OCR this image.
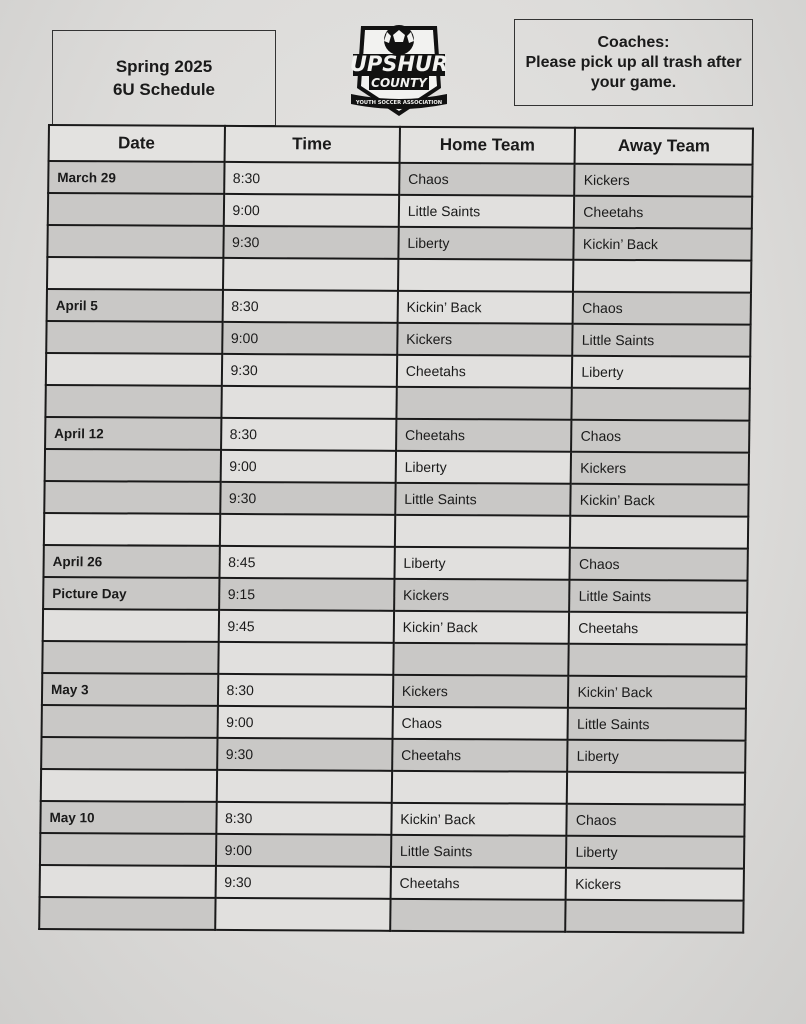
Spring 2025
6U Schedule
UPSHUR
COUNTY
YOUTH SOCCER ASSOCIATION
Coaches:
Please pick up all trash after
your game.
Date	Time	Home Team	Away Team
March 29	8:30	Chaos	Kickers
	9:00	Little Saints	Cheetahs
	9:30	Liberty	Kickin’ Back

April 5	8:30	Kickin’ Back	Chaos
	9:00	Kickers	Little Saints
	9:30	Cheetahs	Liberty

April 12	8:30	Cheetahs	Chaos
	9:00	Liberty	Kickers
	9:30	Little Saints	Kickin’ Back

April 26	8:45	Liberty	Chaos
Picture Day	9:15	Kickers	Little Saints
	9:45	Kickin’ Back	Cheetahs

May 3	8:30	Kickers	Kickin’ Back
	9:00	Chaos	Little Saints
	9:30	Cheetahs	Liberty

May 10	8:30	Kickin’ Back	Chaos
	9:00	Little Saints	Liberty
	9:30	Cheetahs	Kickers
